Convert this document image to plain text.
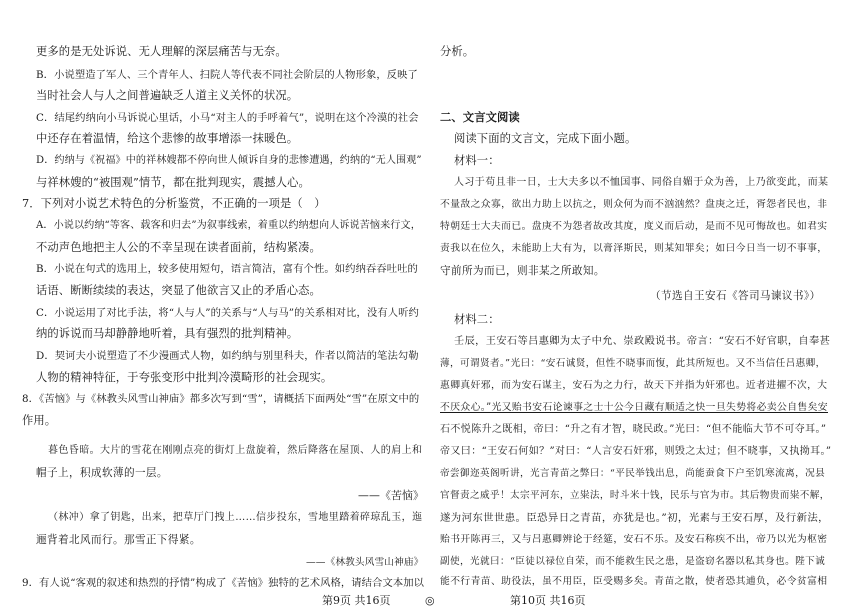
更多的是无处诉说、无人理解的深层痛苦与无奈。
B．小说塑造了军人、三个青年人、扫院人等代表不同社会阶层的人物形象，反映了
当时社会人与人之间普遍缺乏人道主义关怀的状况。
C．结尾约纳向小马诉说心里话，小马“对主人的手呼着气”，说明在这个冷漠的社会
中还存在着温情，给这个悲惨的故事增添一抹暖色。
D．约纳与《祝福》中的祥林嫂都不停向世人倾诉自身的悲惨遭遇，约纳的“无人围观”
与祥林嫂的“被围观”情节，都在批判现实，震撼人心。
7．下列对小说艺术特色的分析鉴赏，不正确的一项是（　）
A．小说以约纳“等客、载客和归去”为叙事线索，着重以约纳想向人诉说苦恼来行文，
不动声色地把主人公的不幸呈现在读者面前，结构紧凑。
B．小说在句式的选用上，较多使用短句，语言简洁，富有个性。如约纳吞吞吐吐的
话语、断断续续的表达，突显了他欲言又止的矛盾心态。
C．小说运用了对比手法，将“人与人”的关系与“人与马”的关系相对比，没有人听约
纳的诉说而马却静静地听着，具有强烈的批判精神。
D．契诃夫小说塑造了不少漫画式人物，如约纳与别里科夫，作者以简洁的笔法勾勒
人物的精神特征，于夸张变形中批判冷漠畸形的社会现实。
8．《苦恼》与《林教头风雪山神庙》都多次写到“雪”，请概括下面两处“雪”在原文中的
作用。
暮色昏暗。大片的雪花在刚刚点亮的街灯上盘旋着，然后降落在屋顶、人的肩上和
帽子上，积成软薄的一层。
——《苦恼》
（林冲）拿了钥匙，出来，把草厅门拽上……信步投东，雪地里踏着碎琼乱玉，迤
逦背着北风而行。那雪正下得紧。
——《林教头风雪山神庙》
9．有人说“客观的叙述和热烈的抒情”构成了《苦恼》独特的艺术风格，请结合文本加以
分析。
二、文言文阅读
阅读下面的文言文，完成下面小题。
材料一：
人习于苟且非一日，士大夫多以不恤国事、同俗自媚于众为善，上乃欲变此，而某
不量敌之众寡，欲出力助上以抗之，则众何为而不汹汹然？盘庚之迁，胥怨者民也，非
特朝廷士大夫而已。盘庚不为怨者故改其度，度义而后动，是而不见可悔故也。如君实
责我以在位久，未能助上大有为，以膏泽斯民，则某知罪矣；如曰今日当一切不事事，
守前所为而已，则非某之所敢知。
（节选自王安石《答司马谏议书》）
材料二：
壬辰，王安石等吕惠卿为太子中允、崇政殿说书。帝言：“安石不好官职，自奉甚
薄，可谓贤者。”光曰：“安石诚贤，但性不晓事而愎，此其所短也。又不当信任吕惠卿，
惠卿真奸邪，而为安石谋主，安石为之力行，故天下并指为奸邪也。近者进擢不次，大
不厌众心。”光又贻书安石论谏事之士十公今日藏有顺适之快一旦失势将必卖公自售矣安
石不悦陈升之既相，帝曰：“升之有才智，晓民政。”光曰：“但不能临大节不可夺耳。”
帝又曰：“王安石何如？”对曰：“人言安石奸邪，则毁之太过；但不晓事，又执拗耳。”
帝尝御迩英阁听讲，光言青苗之弊曰：“平民举钱出息，尚能蚕食下户至饥寒流离，况县
官督责之威乎！太宗平河东，立粜法，时斗米十钱，民乐与官为市。其后物贵而粜不解，
遂为河东世世患。臣恐异日之青苗，亦犹是也。”初，光素与王安石厚，及行新法，
贻书开陈再三，又与吕惠卿辨论于经筵，安石不乐。及安石称疾不出，帝乃以光为枢密
副使，光就曰：“臣徒以禄位自荣，而不能救生民之患，是盗窃名器以私其身也。陛下诚
能不行青苗、助役法，虽不用臣，臣受赐多矣。青苗之散，使者恐其逋负，必令贫富相
第9页 共16页	◎	第10页 共16页
